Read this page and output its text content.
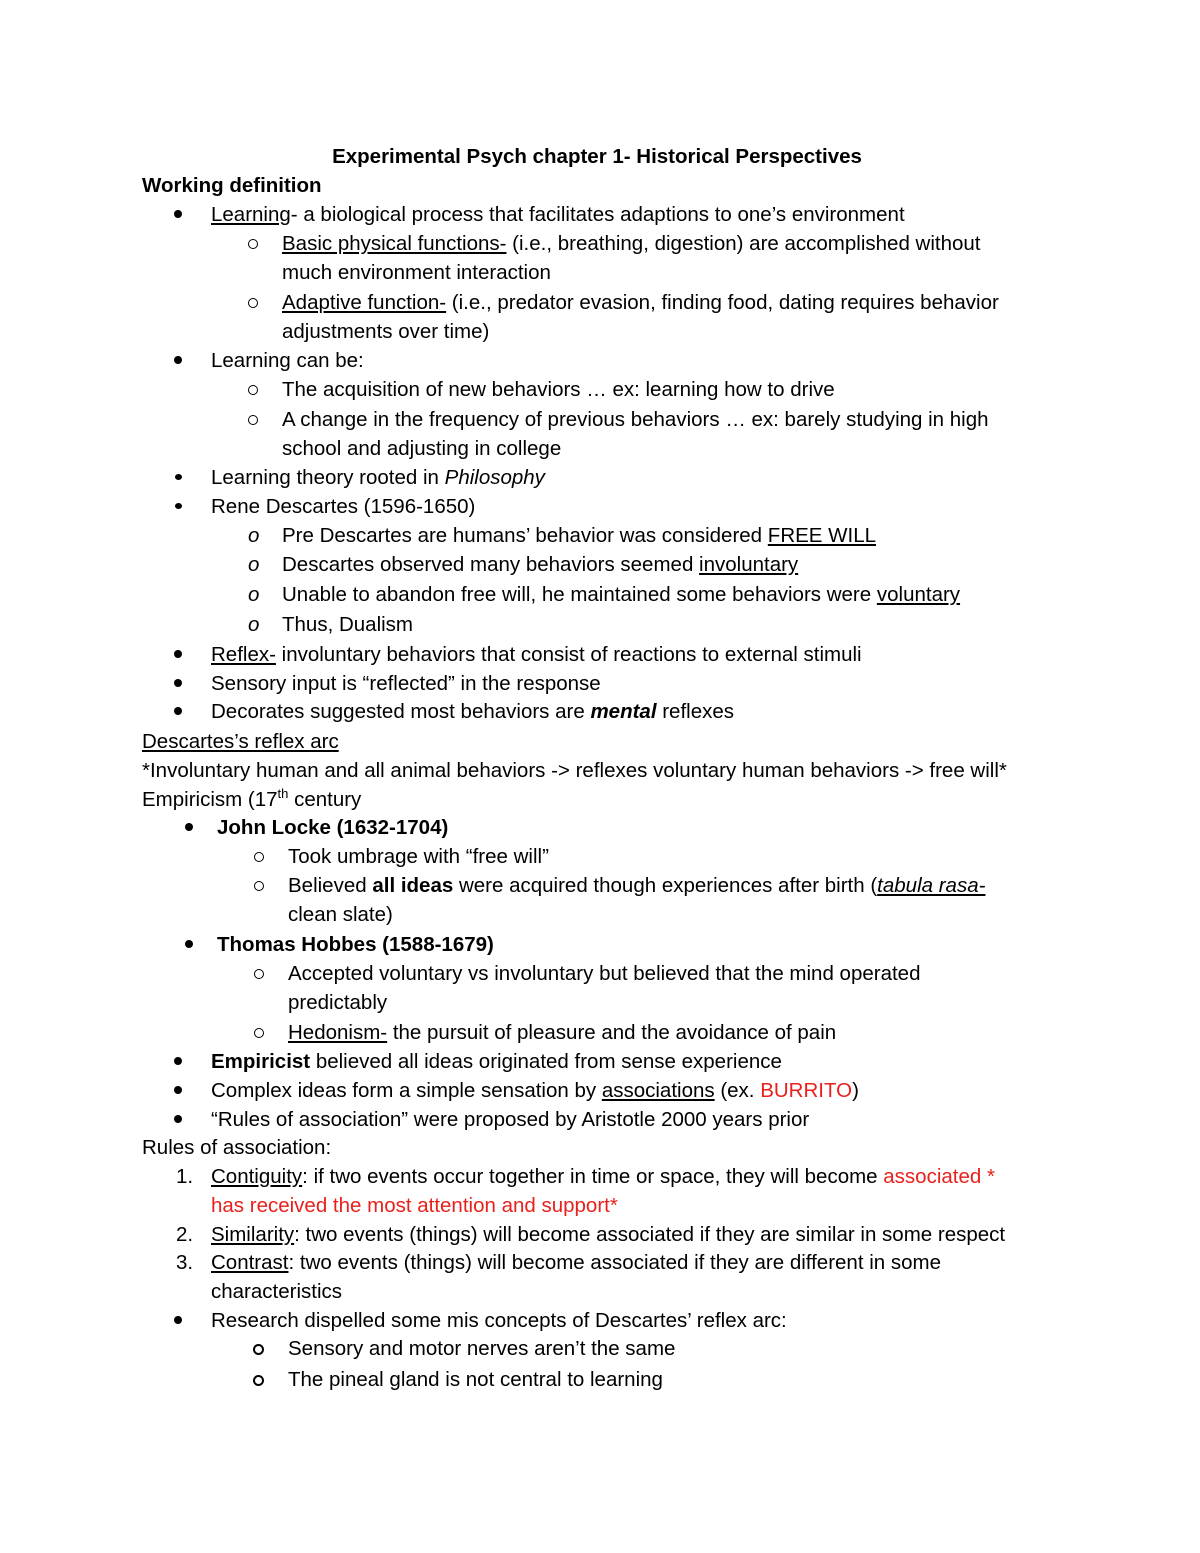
Experimental Psych chapter 1- Historical Perspectives
Working definition
Learning- a biological process that facilitates adaptions to one’s environment
Basic physical functions- (i.e., breathing, digestion) are accomplished without
much environment interaction
Adaptive function- (i.e., predator evasion, finding food, dating requires behavior
adjustments over time)
Learning can be:
The acquisition of new behaviors … ex: learning how to drive
A change in the frequency of previous behaviors … ex: barely studying in high
school and adjusting in college
Learning theory rooted in Philosophy
Rene Descartes (1596-1650)
o Pre Descartes are humans’ behavior was considered FREE WILL
o Descartes observed many behaviors seemed involuntary
o Unable to abandon free will, he maintained some behaviors were voluntary
o Thus, Dualism
Reflex- involuntary behaviors that consist of reactions to external stimuli
Sensory input is “reflected” in the response
Decorates suggested most behaviors are mental reflexes
Descartes’s reflex arc
*Involuntary human and all animal behaviors -> reflexes voluntary human behaviors -> free will*
Empiricism (17th century
John Locke (1632-1704)
Took umbrage with “free will”
Believed all ideas were acquired though experiences after birth (tabula rasa-
clean slate)
Thomas Hobbes (1588-1679)
Accepted voluntary vs involuntary but believed that the mind operated
predictably
Hedonism- the pursuit of pleasure and the avoidance of pain
Empiricist believed all ideas originated from sense experience
Complex ideas form a simple sensation by associations (ex. BURRITO)
“Rules of association” were proposed by Aristotle 2000 years prior
Rules of association:
1. Contiguity: if two events occur together in time or space, they will become associated *
has received the most attention and support*
2. Similarity: two events (things) will become associated if they are similar in some respect
3. Contrast: two events (things) will become associated if they are different in some
characteristics
Research dispelled some mis concepts of Descartes’ reflex arc:
Sensory and motor nerves aren’t the same
The pineal gland is not central to learning
